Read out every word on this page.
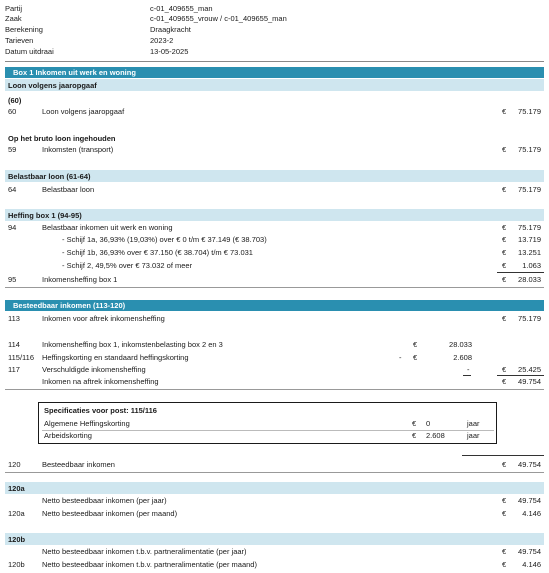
Partij	c-01_409655_man
Zaak	c-01_409655_vrouw / c-01_409655_man
Berekening	Draagkracht
Tarieven	2023-2
Datum uitdraai	13-05-2025
Box 1 Inkomen uit werk en woning
Loon volgens jaaropgaaf
(60)
60	Loon volgens jaaropgaaf	€ 75.179
Op het bruto loon ingehouden
59	Inkomsten (transport)	€ 75.179
Belastbaar loon (61-64)
64	Belastbaar loon	€ 75.179
Heffing box 1 (94-95)
94	Belastbaar inkomen uit werk en woning	€ 75.179
- Schijf 1a, 36,93% (19,03%) over € 0 t/m € 37.149 (€ 38.703)	€ 13.719
- Schijf 1b, 36,93% over € 37.150 (€ 38.704) t/m € 73.031	€ 13.251
- Schijf 2, 49,5% over € 73.032 of meer	€ 1.063
95	Inkomensheffing box 1	€ 28.033
Besteedbaar inkomen (113-120)
113	Inkomen voor aftrek inkomensheffing	€ 75.179
114	Inkomensheffing box 1, inkomstenbelasting box 2 en 3	€	28.033
115/116 Heffingskorting en standaard heffingskorting	- €	2.608
117	Verschuldigde inkomensheffing	-	€ 25.425
Inkomen na aftrek inkomensheffing	€ 49.754
Specificaties voor post: 115/116
Algemene Heffingskorting	€ 0	jaar
Arbeidskorting	€ 2.608	jaar
120	Besteedbaar inkomen	€ 49.754
120a
Netto besteedbaar inkomen (per jaar)	€ 49.754
120a Netto besteedbaar inkomen (per maand)	€ 4.146
120b
Netto besteedbaar inkomen t.b.v. partneralimentatie (per jaar)	€ 49.754
120b Netto besteedbaar inkomen t.b.v. partneralimentatie (per maand)	€ 4.146
